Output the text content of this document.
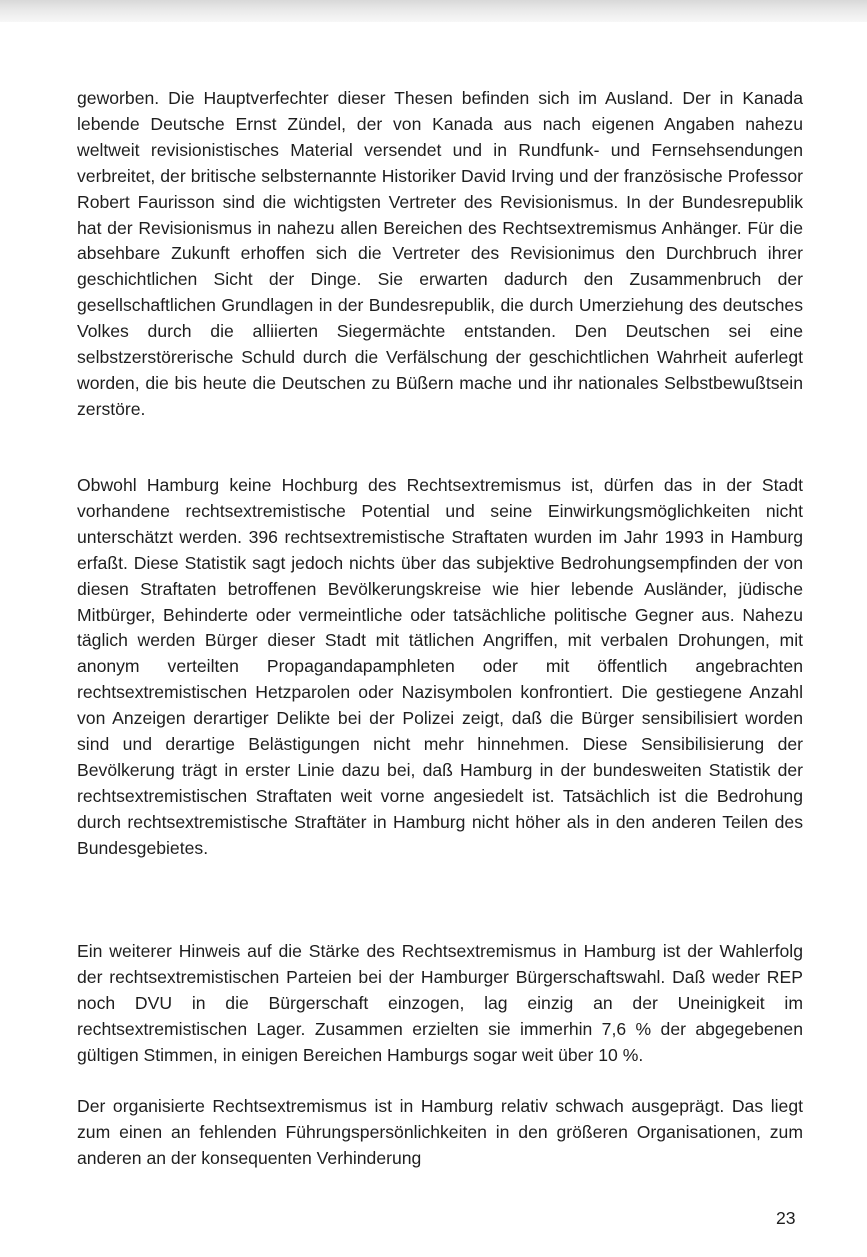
geworben. Die Hauptverfechter dieser Thesen befinden sich im Ausland. Der in Kanada lebende Deutsche Ernst Zündel, der von Kanada aus nach eigenen Angaben nahezu weltweit revisionistisches Material versendet und in Rundfunk- und Fernsehsendungen verbreitet, der britische selbsternannte Historiker David Irving und der französische Professor Robert Faurisson sind die wichtigsten Vertreter des Revisionismus. In der Bundesrepublik hat der Revisionismus in nahezu allen Bereichen des Rechtsextremismus Anhänger. Für die absehbare Zukunft erhoffen sich die Vertreter des Revisionimus den Durchbruch ihrer geschichtlichen Sicht der Dinge. Sie erwarten dadurch den Zusammenbruch der gesellschaftlichen Grundlagen in der Bundesrepublik, die durch Umerziehung des deutsches Volkes durch die alliierten Siegermächte entstanden. Den Deutschen sei eine selbstzerstörerische Schuld durch die Verfälschung der geschichtlichen Wahrheit auferlegt worden, die bis heute die Deutschen zu Büßern mache und ihr nationales Selbstbewußtsein zerstöre.

Obwohl Hamburg keine Hochburg des Rechtsextremismus ist, dürfen das in der Stadt vorhandene rechtsextremistische Potential und seine Einwirkungsmöglichkeiten nicht unterschätzt werden. 396 rechtsextremistische Straftaten wurden im Jahr 1993 in Hamburg erfaßt. Diese Statistik sagt jedoch nichts über das subjektive Bedrohungsempfinden der von diesen Straftaten betroffenen Bevölkerungskreise wie hier lebende Ausländer, jüdische Mitbürger, Behinderte oder vermeintliche oder tatsächliche politische Gegner aus. Nahezu täglich werden Bürger dieser Stadt mit tätlichen Angriffen, mit verbalen Drohungen, mit anonym verteilten Propagandapamphleten oder mit öffentlich angebrachten rechtsextremistischen Hetzparolen oder Nazisymbolen konfrontiert. Die gestiegene Anzahl von Anzeigen derartiger Delikte bei der Polizei zeigt, daß die Bürger sensibilisiert worden sind und derartige Belästigungen nicht mehr hinnehmen. Diese Sensibilisierung der Bevölkerung trägt in erster Linie dazu bei, daß Hamburg in der bundesweiten Statistik der rechtsextremistischen Straftaten weit vorne angesiedelt ist. Tatsächlich ist die Bedrohung durch rechtsextremistische Straftäter in Hamburg nicht höher als in den anderen Teilen des Bundesgebietes.

Ein weiterer Hinweis auf die Stärke des Rechtsextremismus in Hamburg ist der Wahlerfolg der rechtsextremistischen Parteien bei der Hamburger Bürgerschaftswahl. Daß weder REP noch DVU in die Bürgerschaft einzogen, lag einzig an der Uneinigkeit im rechtsextremistischen Lager. Zusammen erzielten sie immerhin 7,6 % der abgegebenen gültigen Stimmen, in einigen Bereichen Hamburgs sogar weit über 10 %.

Der organisierte Rechtsextremismus ist in Hamburg relativ schwach ausgeprägt. Das liegt zum einen an fehlenden Führungspersönlichkeiten in den größeren Organisationen, zum anderen an der konsequenten Verhinderung

23
